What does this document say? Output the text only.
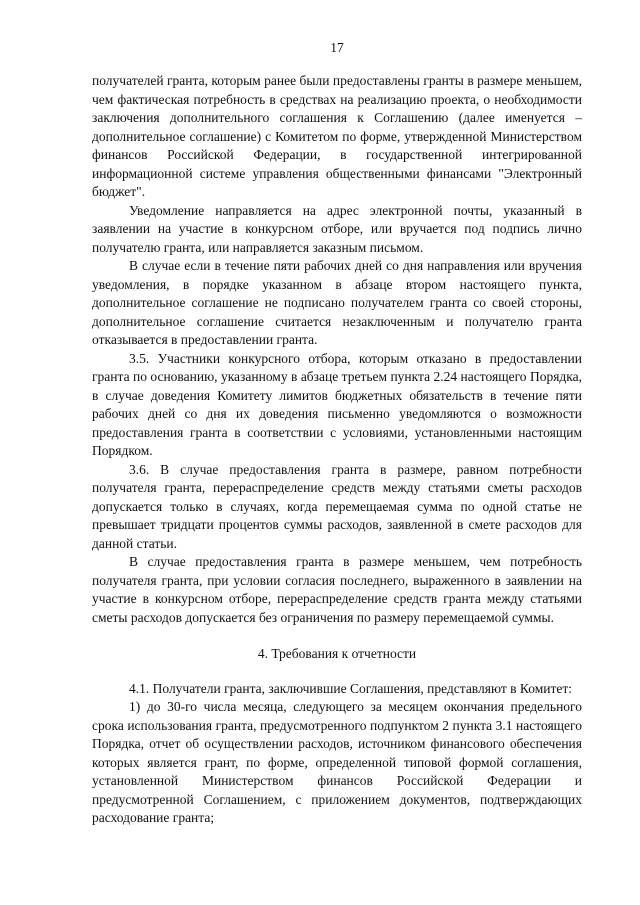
17

получателей гранта, которым ранее были предоставлены гранты в размере меньшем, чем фактическая потребность в средствах на реализацию проекта, о необходимости заключения дополнительного соглашения к Соглашению (далее именуется – дополнительное соглашение) с Комитетом по форме, утвержденной Министерством финансов Российской Федерации, в государственной интегрированной информационной системе управления общественными финансами "Электронный бюджет".

Уведомление направляется на адрес электронной почты, указанный в заявлении на участие в конкурсном отборе, или вручается под подпись лично получателю гранта, или направляется заказным письмом.

В случае если в течение пяти рабочих дней со дня направления или вручения уведомления, в порядке указанном в абзаце втором настоящего пункта, дополнительное соглашение не подписано получателем гранта со своей стороны, дополнительное соглашение считается незаключенным и получателю гранта отказывается в предоставлении гранта.

3.5. Участники конкурсного отбора, которым отказано в предоставлении гранта по основанию, указанному в абзаце третьем пункта 2.24 настоящего Порядка, в случае доведения Комитету лимитов бюджетных обязательств в течение пяти рабочих дней со дня их доведения письменно уведомляются о возможности предоставления гранта в соответствии с условиями, установленными настоящим Порядком.

3.6. В случае предоставления гранта в размере, равном потребности получателя гранта, перераспределение средств между статьями сметы расходов допускается только в случаях, когда перемещаемая сумма по одной статье не превышает тридцати процентов суммы расходов, заявленной в смете расходов для данной статьи.

В случае предоставления гранта в размере меньшем, чем потребность получателя гранта, при условии согласия последнего, выраженного в заявлении на участие в конкурсном отборе, перераспределение средств гранта между статьями сметы расходов допускается без ограничения по размеру перемещаемой суммы.

4. Требования к отчетности

4.1. Получатели гранта, заключившие Соглашения, представляют в Комитет:

1) до 30-го числа месяца, следующего за месяцем окончания предельного срока использования гранта, предусмотренного подпунктом 2 пункта 3.1 настоящего Порядка, отчет об осуществлении расходов, источником финансового обеспечения которых является грант, по форме, определенной типовой формой соглашения, установленной Министерством финансов Российской Федерации и предусмотренной Соглашением, с приложением документов, подтверждающих расходование гранта;
